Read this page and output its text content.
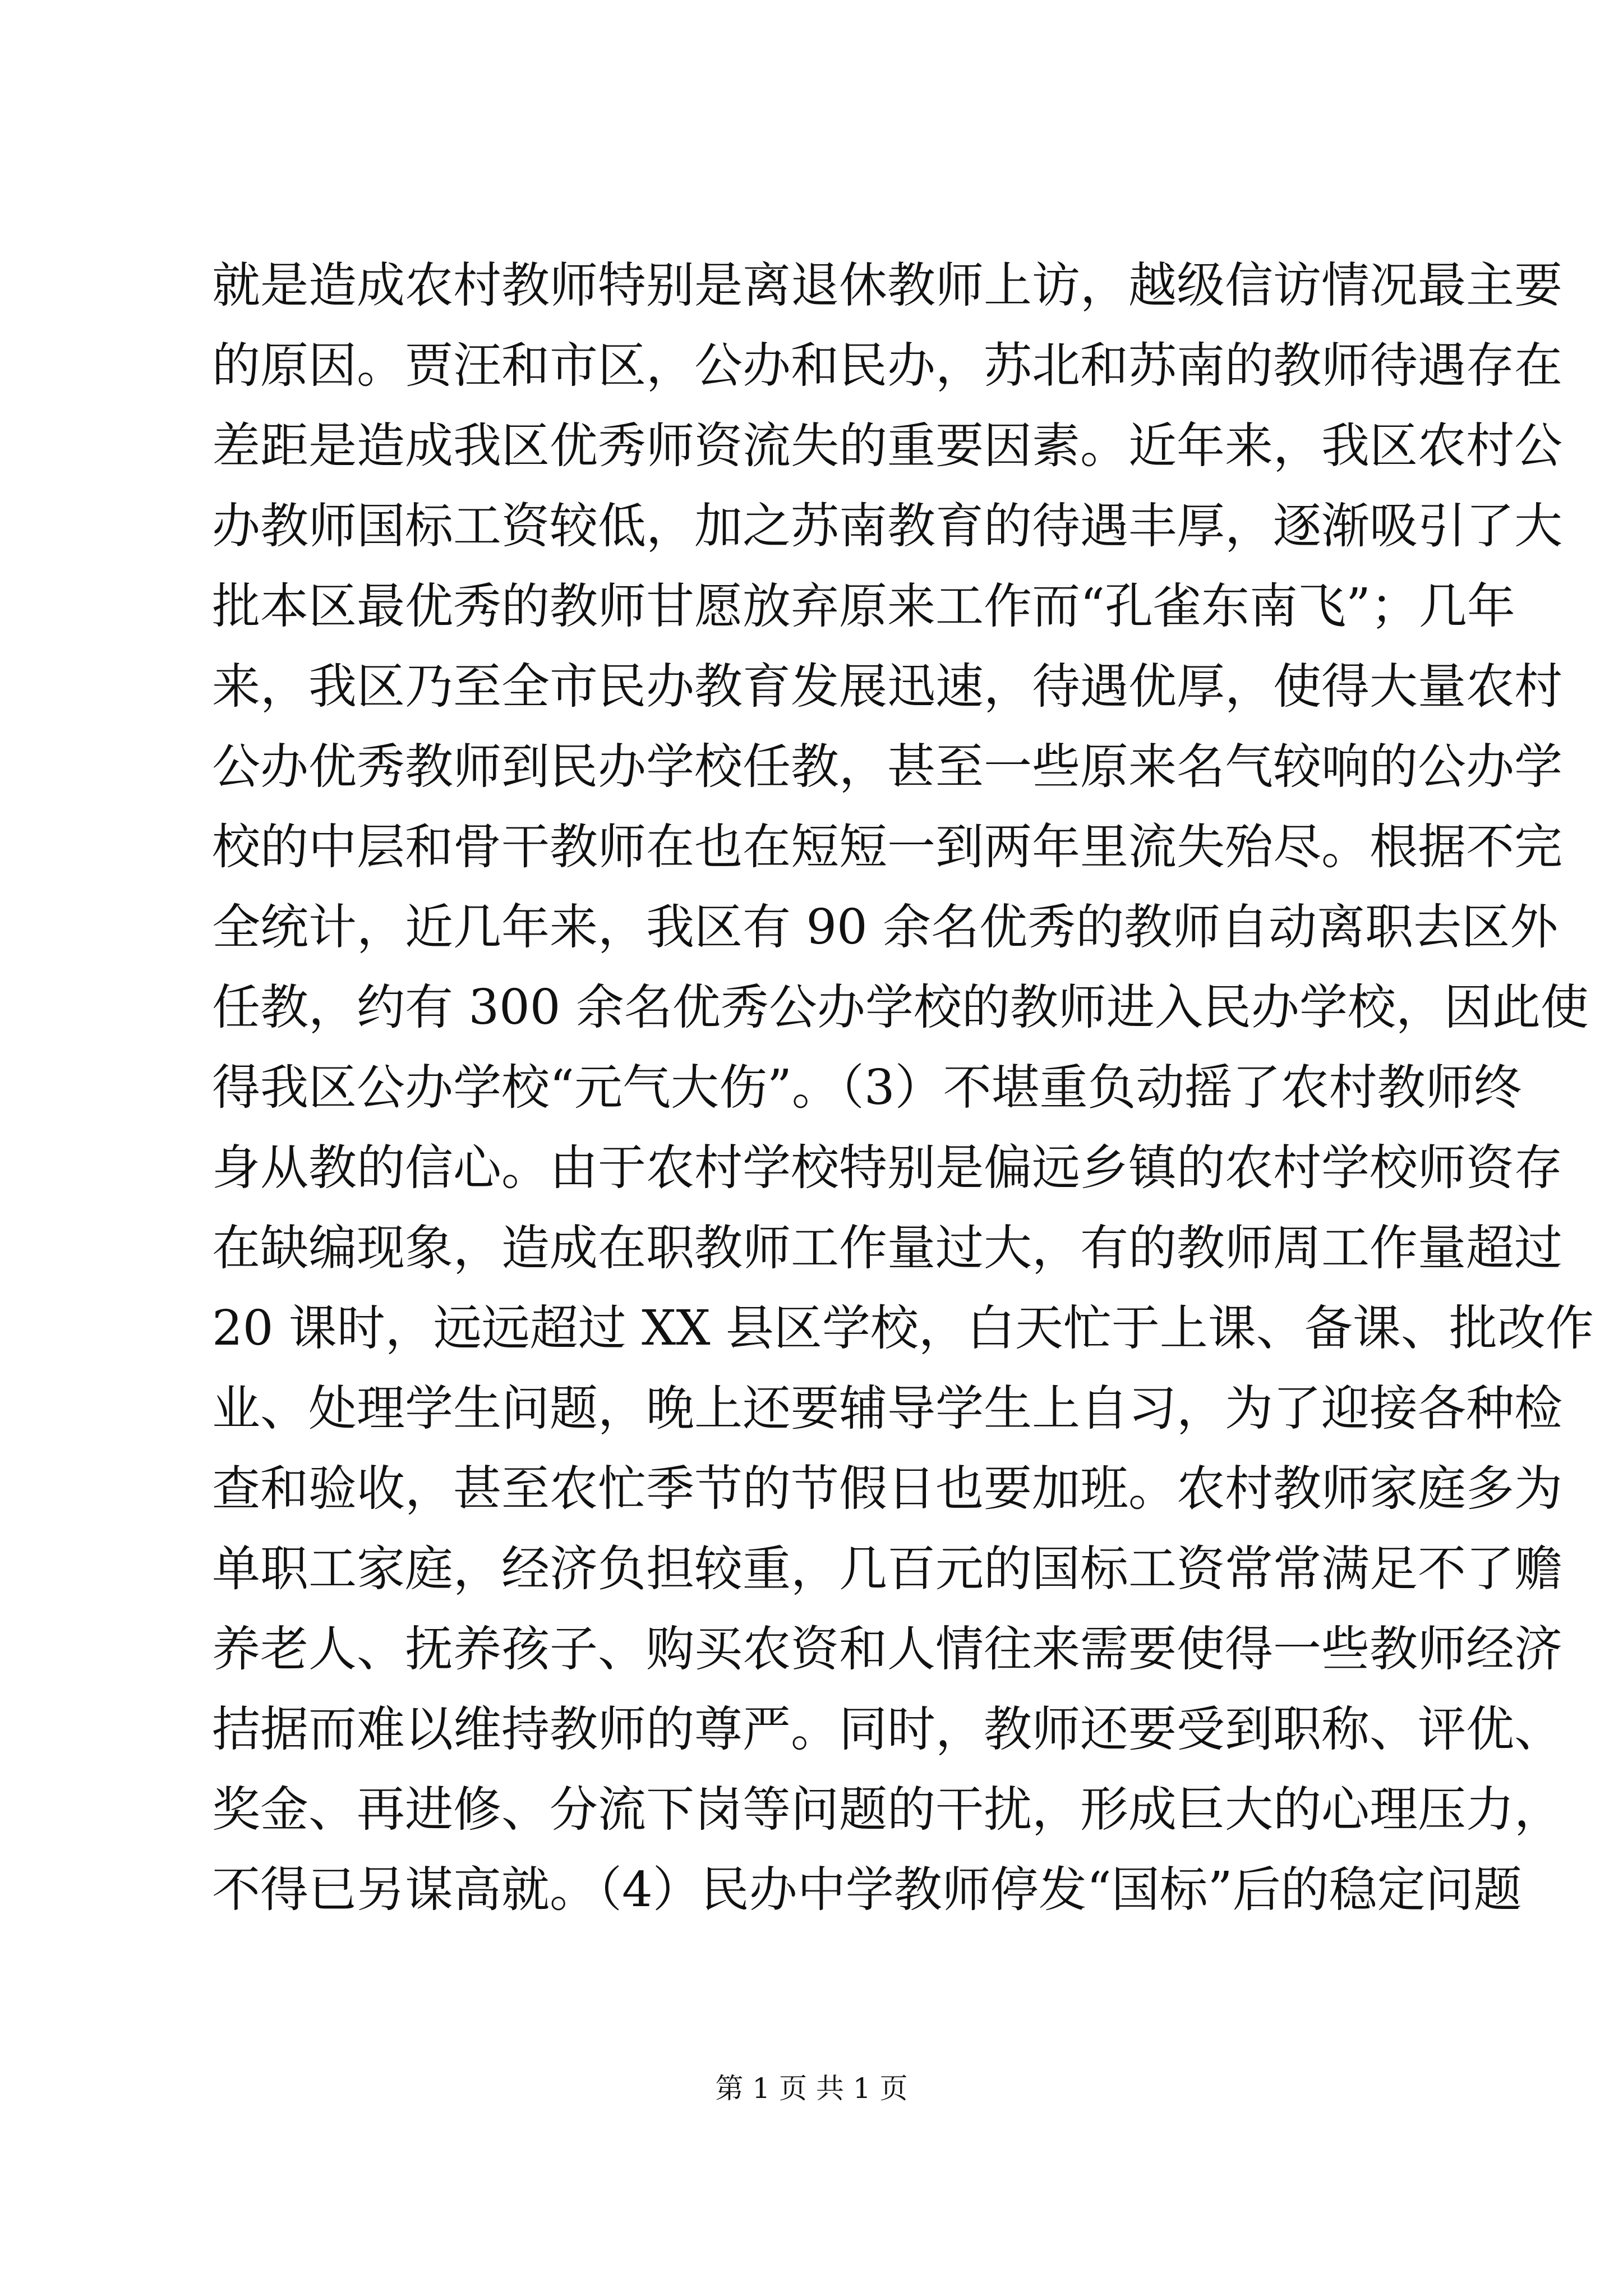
就是造成农村教师特别是离退休教师上访，越级信访情况最主要
的原因。贾汪和市区，公办和民办，苏北和苏南的教师待遇存在
差距是造成我区优秀师资流失的重要因素。近年来，我区农村公
办教师国标工资较低，加之苏南教育的待遇丰厚，逐渐吸引了大
批本区最优秀的教师甘愿放弃原来工作而“孔雀东南飞”；几年
来，我区乃至全市民办教育发展迅速，待遇优厚，使得大量农村
公办优秀教师到民办学校任教，甚至一些原来名气较响的公办学
校的中层和骨干教师在也在短短一到两年里流失殆尽。根据不完
全统计，近几年来，我区有 90 余名优秀的教师自动离职去区外
任教，约有 300 余名优秀公办学校的教师进入民办学校，因此使
得我区公办学校“元气大伤”。（3）不堪重负动摇了农村教师终
身从教的信心。由于农村学校特别是偏远乡镇的农村学校师资存
在缺编现象，造成在职教师工作量过大，有的教师周工作量超过
20 课时，远远超过 XX 县区学校，白天忙于上课、备课、批改作
业、处理学生问题，晚上还要辅导学生上自习，为了迎接各种检
查和验收，甚至农忙季节的节假日也要加班。农村教师家庭多为
单职工家庭，经济负担较重，几百元的国标工资常常满足不了赡
养老人、抚养孩子、购买农资和人情往来需要使得一些教师经济
拮据而难以维持教师的尊严。同时，教师还要受到职称、评优、
奖金、再进修、分流下岗等问题的干扰，形成巨大的心理压力，
不得已另谋高就。（4）民办中学教师停发“国标”后的稳定问题
第 1 页 共 1 页
